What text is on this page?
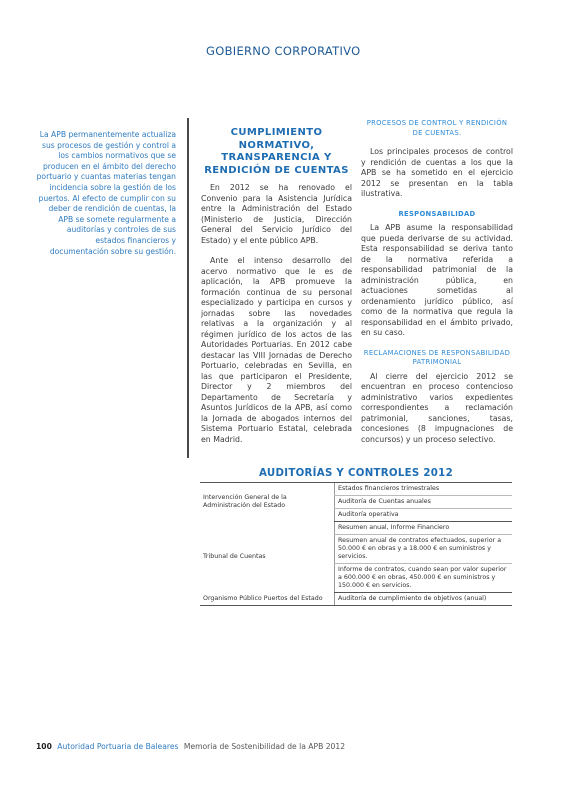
GOBIERNO CORPORATIVO
La APB permanentemente actualiza sus procesos de gestión y control a los cambios normativos que se producen en el ámbito del derecho portuario y cuantas materias tengan incidencia sobre la gestión de los puertos. Al efecto de cumplir con su deber de rendición de cuentas, la APB se somete regularmente a auditorías y controles de sus estados financieros y documentación sobre su gestión.
CUMPLIMIENTO NORMATIVO, TRANSPARENCIA Y RENDICIÓN DE CUENTAS

En 2012 se ha renovado el Convenio para la Asistencia Jurídica entre la Administración del Estado (Ministerio de Justicia, Dirección General del Servicio Jurídico del Estado) y el ente público APB.

Ante el intenso desarrollo del acervo normativo que le es de aplicación, la APB promueve la formación continua de su personal especializado y participa en cursos y jornadas sobre las novedades relativas a la organización y al régimen jurídico de los actos de las Autoridades Portuarias. En 2012 cabe destacar las VIII Jornadas de Derecho Portuario, celebradas en Sevilla, en las que participaron el Presidente, Director y 2 miembros del Departamento de Secretaría y Asuntos Jurídicos de la APB, así como la Jornada de abogados internos del Sistema Portuario Estatal, celebrada en Madrid.

PROCESOS DE CONTROL Y RENDICIÓN DE CUENTAS.

Los principales procesos de control y rendición de cuentas a los que la APB se ha sometido en el ejercicio 2012 se presentan en la tabla ilustrativa.

RESPONSABILIDAD

La APB asume la responsabilidad que pueda derivarse de su actividad. Esta responsabilidad se deriva tanto de la normativa referida a responsabilidad patrimonial de la administración pública, en actuaciones sometidas al ordenamiento jurídico público, así como de la normativa que regula la responsabilidad en el ámbito privado, en su caso.

RECLAMACIONES DE RESPONSABILIDAD PATRIMONIAL

Al cierre del ejercicio 2012 se encuentran en proceso contencioso administrativo varios expedientes correspondientes a reclamación patrimonial, sanciones, tasas, concesiones (8 impugnaciones de concursos) y un proceso selectivo.

AUDITORÍAS Y CONTROLES 2012
Intervención General de la Administración del Estado	Estados financieros trimestrales
	Auditoría de Cuentas anuales
	Auditoría operativa
Tribunal de Cuentas	Resumen anual, Informe Financiero
	Resumen anual de contratos efectuados, superior a 50.000 € en obras y a 18.000 € en suministros y servicios.
	Informe de contratos, cuando sean por valor superior a 600.000 € en obras, 450.000 € en suministros y 150.000 € en servicios.
Organismo Público Puertos del Estado	Auditoría de cumplimiento de objetivos (anual)
100 Autoridad Portuaria de Baleares Memoria de Sostenibilidad de la APB 2012
